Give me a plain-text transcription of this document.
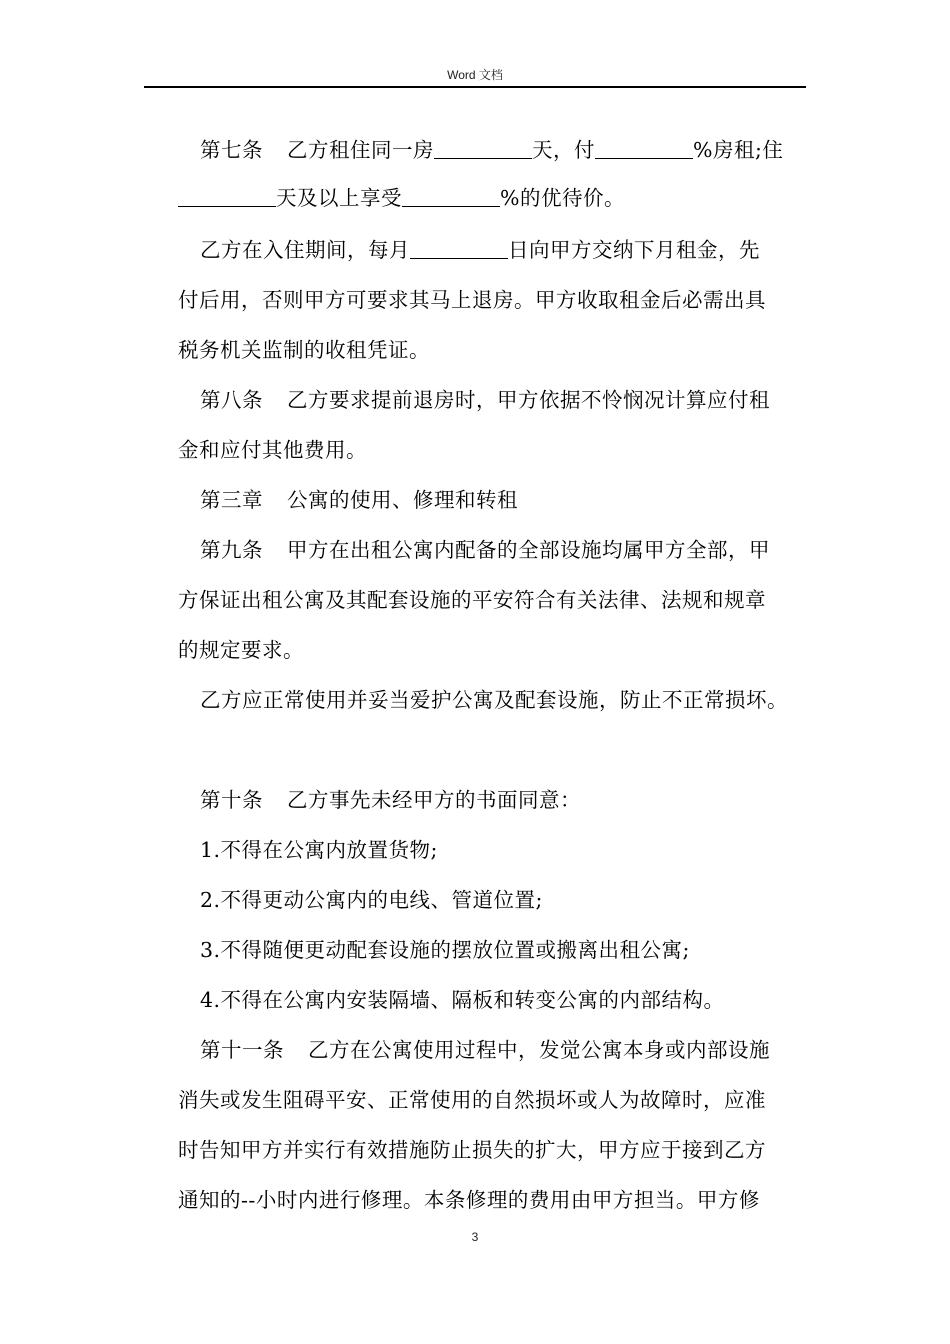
Word 文档
第七条 乙方租住同一房	天，付	%房租;住
天及以上享受	%的优待价。
乙方在入住期间，每月	日向甲方交纳下月租金，先
付后用，否则甲方可要求其马上退房。甲方收取租金后必需出具
税务机关监制的收租凭证。
第八条 乙方要求提前退房时，甲方依据不怜悯况计算应付租
金和应付其他费用。
第三章 公寓的使用、修理和转租
第九条 甲方在出租公寓内配备的全部设施均属甲方全部，甲
方保证出租公寓及其配套设施的平安符合有关法律、法规和规章
的规定要求。
乙方应正常使用并妥当爱护公寓及配套设施，防止不正常损坏。
第十条 乙方事先未经甲方的书面同意：
1.不得在公寓内放置货物;
2.不得更动公寓内的电线、管道位置;
3.不得随便更动配套设施的摆放位置或搬离出租公寓;
4.不得在公寓内安装隔墙、隔板和转变公寓的内部结构。
第十一条 乙方在公寓使用过程中，发觉公寓本身或内部设施
消失或发生阻碍平安、正常使用的自然损坏或人为故障时，应准
时告知甲方并实行有效措施防止损失的扩大，甲方应于接到乙方
通知的--小时内进行修理。本条修理的费用由甲方担当。甲方修
3
